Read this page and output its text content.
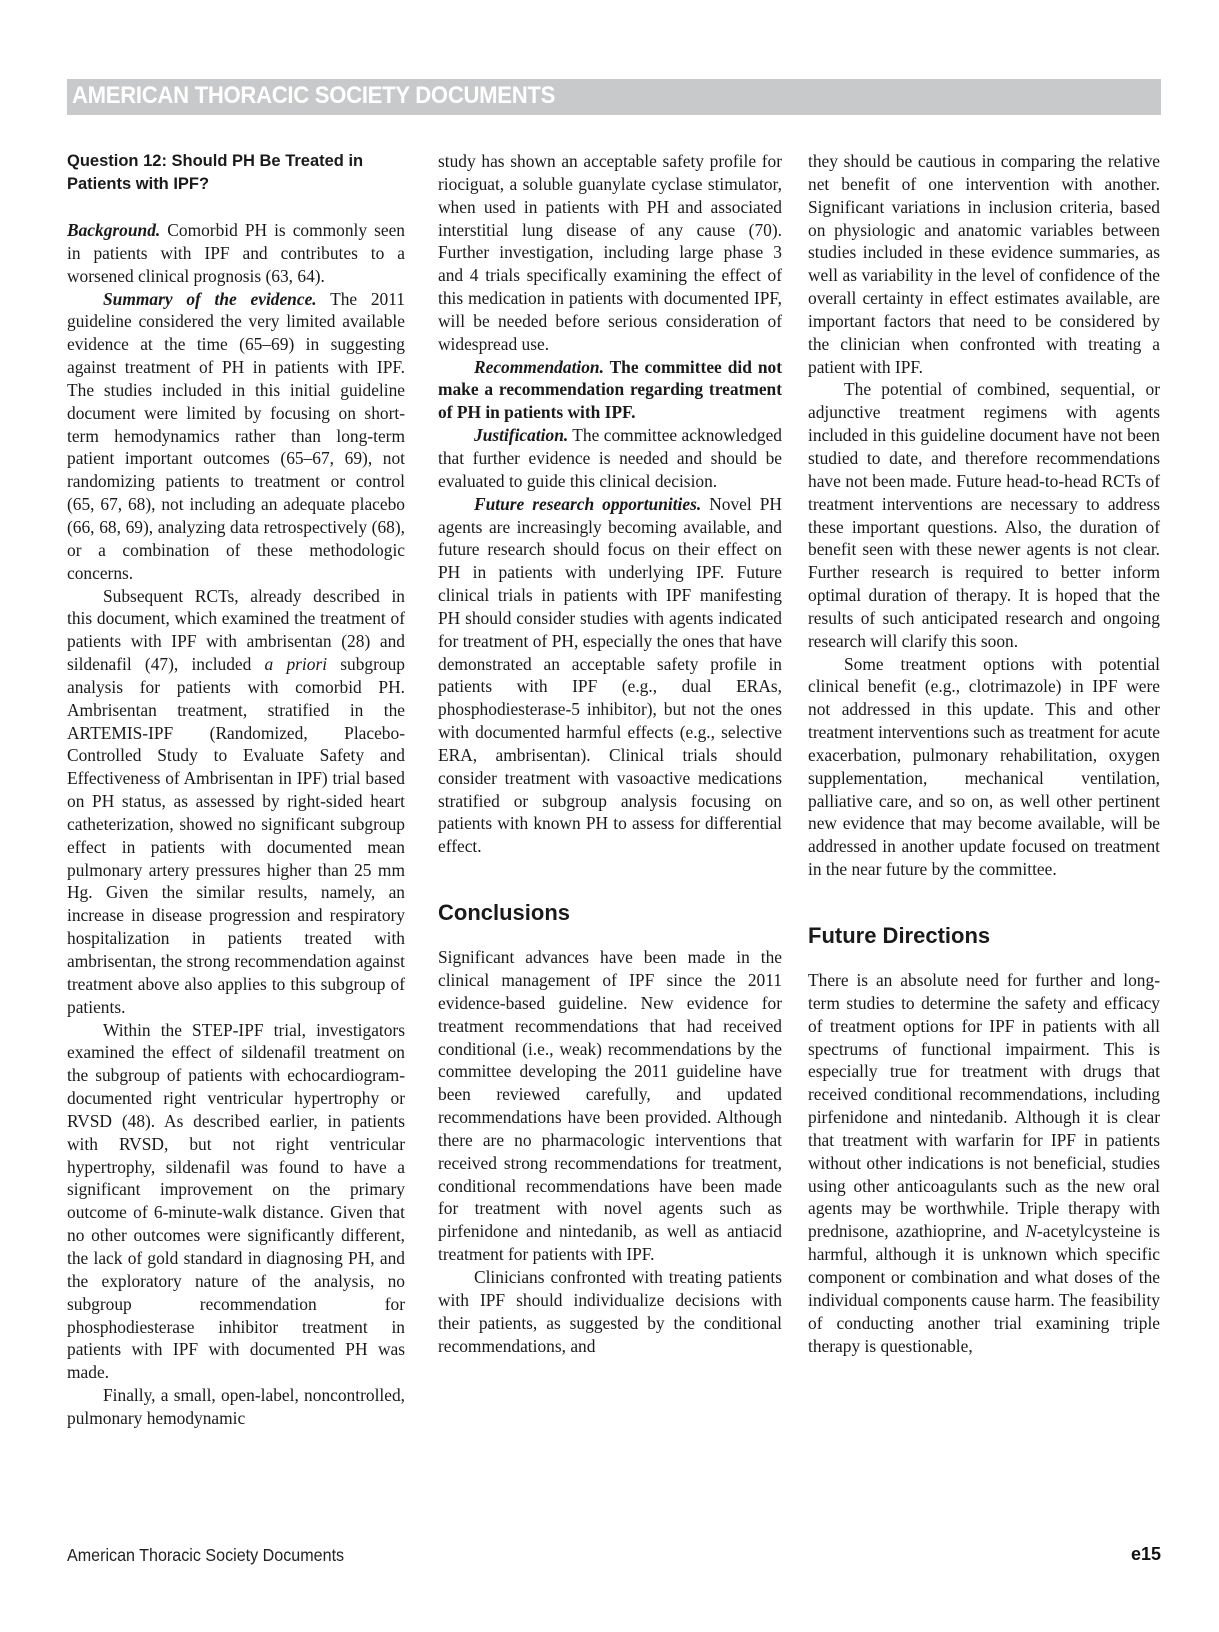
AMERICAN THORACIC SOCIETY DOCUMENTS
Question 12: Should PH Be Treated in Patients with IPF?

Background. Comorbid PH is commonly seen in patients with IPF and contributes to a worsened clinical prognosis (63, 64).

Summary of the evidence. The 2011 guideline considered the very limited available evidence at the time (65–69) in suggesting against treatment of PH in patients with IPF. The studies included in this initial guideline document were limited by focusing on short-term hemodynamics rather than long-term patient important outcomes (65–67, 69), not randomizing patients to treatment or control (65, 67, 68), not including an adequate placebo (66, 68, 69), analyzing data retrospectively (68), or a combination of these methodologic concerns.

Subsequent RCTs, already described in this document, which examined the treatment of patients with IPF with ambrisentan (28) and sildenafil (47), included a priori subgroup analysis for patients with comorbid PH. Ambrisentan treatment, stratified in the ARTEMIS-IPF (Randomized, Placebo-Controlled Study to Evaluate Safety and Effectiveness of Ambrisentan in IPF) trial based on PH status, as assessed by right-sided heart catheterization, showed no significant subgroup effect in patients with documented mean pulmonary artery pressures higher than 25 mm Hg. Given the similar results, namely, an increase in disease progression and respiratory hospitalization in patients treated with ambrisentan, the strong recommendation against treatment above also applies to this subgroup of patients.

Within the STEP-IPF trial, investigators examined the effect of sildenafil treatment on the subgroup of patients with echocardiogram-documented right ventricular hypertrophy or RVSD (48). As described earlier, in patients with RVSD, but not right ventricular hypertrophy, sildenafil was found to have a significant improvement on the primary outcome of 6-minute-walk distance. Given that no other outcomes were significantly different, the lack of gold standard in diagnosing PH, and the exploratory nature of the analysis, no subgroup recommendation for phosphodiesterase inhibitor treatment in patients with IPF with documented PH was made.

Finally, a small, open-label, noncontrolled, pulmonary hemodynamic

study has shown an acceptable safety profile for riociguat, a soluble guanylate cyclase stimulator, when used in patients with PH and associated interstitial lung disease of any cause (70). Further investigation, including large phase 3 and 4 trials specifically examining the effect of this medication in patients with documented IPF, will be needed before serious consideration of widespread use.

Recommendation. The committee did not make a recommendation regarding treatment of PH in patients with IPF.

Justification. The committee acknowledged that further evidence is needed and should be evaluated to guide this clinical decision.

Future research opportunities. Novel PH agents are increasingly becoming available, and future research should focus on their effect on PH in patients with underlying IPF. Future clinical trials in patients with IPF manifesting PH should consider studies with agents indicated for treatment of PH, especially the ones that have demonstrated an acceptable safety profile in patients with IPF (e.g., dual ERAs, phosphodiesterase-5 inhibitor), but not the ones with documented harmful effects (e.g., selective ERA, ambrisentan). Clinical trials should consider treatment with vasoactive medications stratified or subgroup analysis focusing on patients with known PH to assess for differential effect.

Conclusions

Significant advances have been made in the clinical management of IPF since the 2011 evidence-based guideline. New evidence for treatment recommendations that had received conditional (i.e., weak) recommendations by the committee developing the 2011 guideline have been reviewed carefully, and updated recommendations have been provided. Although there are no pharmacologic interventions that received strong recommendations for treatment, conditional recommendations have been made for treatment with novel agents such as pirfenidone and nintedanib, as well as antiacid treatment for patients with IPF.

Clinicians confronted with treating patients with IPF should individualize decisions with their patients, as suggested by the conditional recommendations, and

they should be cautious in comparing the relative net benefit of one intervention with another. Significant variations in inclusion criteria, based on physiologic and anatomic variables between studies included in these evidence summaries, as well as variability in the level of confidence of the overall certainty in effect estimates available, are important factors that need to be considered by the clinician when confronted with treating a patient with IPF.

The potential of combined, sequential, or adjunctive treatment regimens with agents included in this guideline document have not been studied to date, and therefore recommendations have not been made. Future head-to-head RCTs of treatment interventions are necessary to address these important questions. Also, the duration of benefit seen with these newer agents is not clear. Further research is required to better inform optimal duration of therapy. It is hoped that the results of such anticipated research and ongoing research will clarify this soon.

Some treatment options with potential clinical benefit (e.g., clotrimazole) in IPF were not addressed in this update. This and other treatment interventions such as treatment for acute exacerbation, pulmonary rehabilitation, oxygen supplementation, mechanical ventilation, palliative care, and so on, as well other pertinent new evidence that may become available, will be addressed in another update focused on treatment in the near future by the committee.

Future Directions

There is an absolute need for further and long-term studies to determine the safety and efficacy of treatment options for IPF in patients with all spectrums of functional impairment. This is especially true for treatment with drugs that received conditional recommendations, including pirfenidone and nintedanib. Although it is clear that treatment with warfarin for IPF in patients without other indications is not beneficial, studies using other anticoagulants such as the new oral agents may be worthwhile. Triple therapy with prednisone, azathioprine, and N-acetylcysteine is harmful, although it is unknown which specific component or combination and what doses of the individual components cause harm. The feasibility of conducting another trial examining triple therapy is questionable,

American Thoracic Society Documents	e15
